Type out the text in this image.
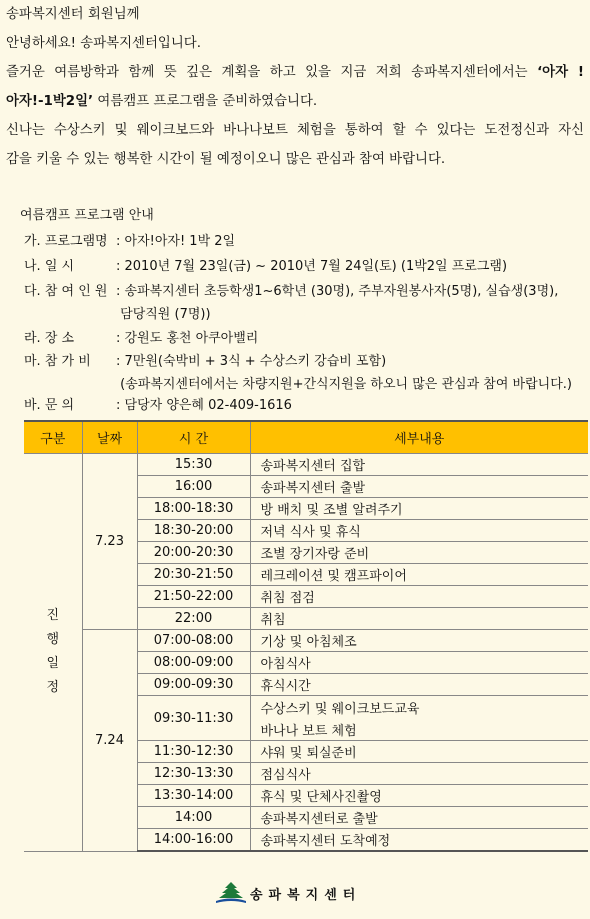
송파복지센터 회원님께

안녕하세요! 송파복지센터입니다.

즐거운 여름방학과 함께 뜻 깊은 계획을 하고 있을 지금 저희 송파복지센터에서는 ‘아자 !

아자!-1박2일’ 여름캠프 프로그램을 준비하였습니다.

신나는 수상스키 및 웨이크보드와 바나나보트 체험을 통하여 할 수 있다는 도전정신과 자신

감을 키울 수 있는 행복한 시간이 될 예정이오니 많은 관심과 참여 바랍니다.

여름캠프 프로그램 안내
가. 프로그램명 : 아자!아자! 1박 2일
나. 일 시	: 2010년 7월 23일(금) ~ 2010년 7월 24일(토) (1박2일 프로그램)
다. 참 여 인 원 : 송파복지센터 초등학생1~6학년 (30명), 주부자원봉사자(5명), 실습생(3명),
담당직원 (7명))
라. 장 소	: 강원도 홍천 아쿠아밸리
마. 참 가 비 : 7만원(숙박비 + 3식 + 수상스키 강습비 포함)
(송파복지센터에서는 차량지원+간식지원을 하오니 많은 관심과 참여 바랍니다.)
바. 문 의	: 담당자 양은혜 02-409-1616
구분	날짜	시 간	세부내용

진
행
일
정	7.23	15:30	송파복지센터 집합
		16:00	송파복지센터 출발
		18:00-18:30	방 배치 및 조별 알려주기
		18:30-20:00	저녁 식사 및 휴식
		20:00-20:30	조별 장기자랑 준비
		20:30-21:50	레크레이션 및 캠프파이어
		21:50-22:00	취침 점검
		22:00	취침
	7.24	07:00-08:00	기상 및 아침체조
		08:00-09:00	아침식사
		09:00-09:30	휴식시간
		09:30-11:30	수상스키 및 웨이크보드교육
			바나나 보트 체험
		11:30-12:30	샤워 및 퇴실준비
		12:30-13:30	점심식사
		13:30-14:00	휴식 및 단체사진촬영
		14:00	송파복지센터로 출발
		14:00-16:00	송파복지센터 도착예정
송파복지센터
